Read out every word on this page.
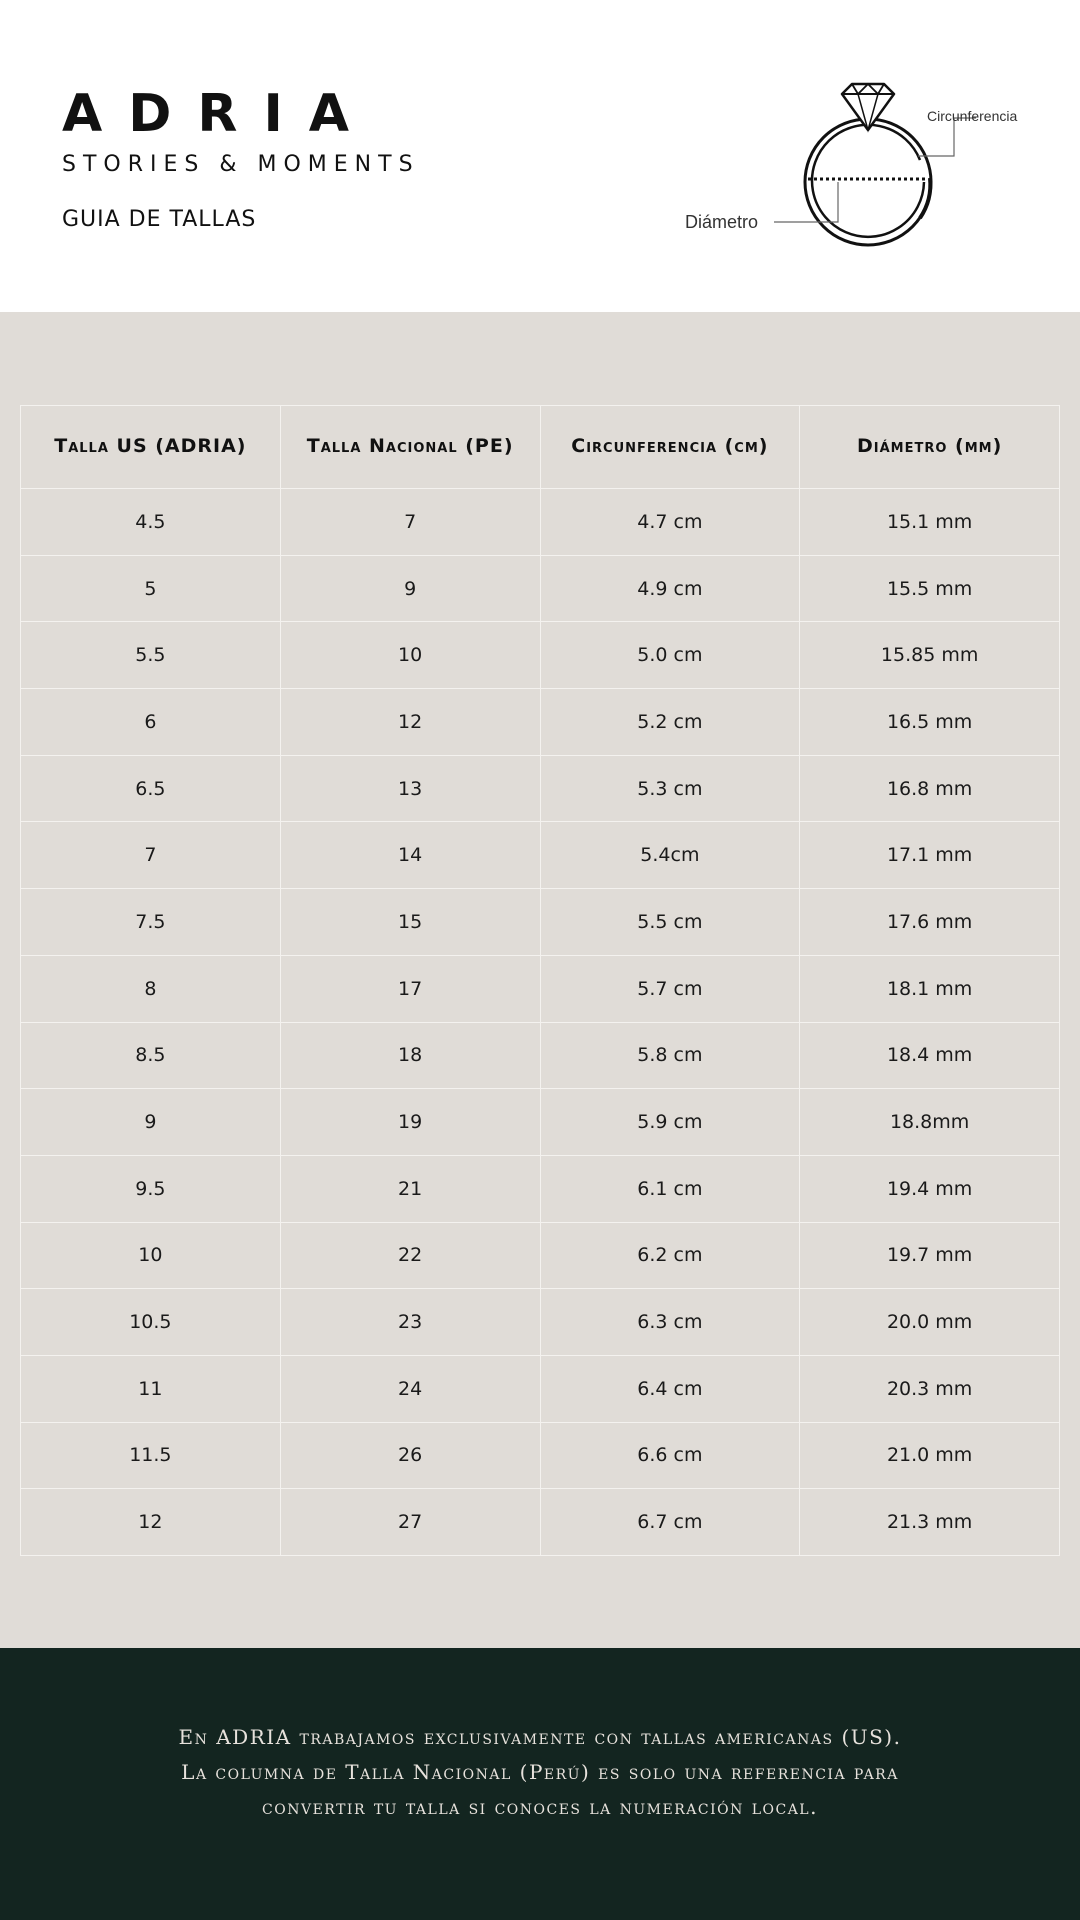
ADRIA
STORIES & MOMENTS
GUIA DE TALLAS
Circunferencia
Diámetro
Talla US (ADRIA)	Talla Nacional (PE)	Circunferencia (cm)	Diámetro (mm)
4.5	7	4.7 cm	15.1 mm
5	9	4.9 cm	15.5 mm
5.5	10	5.0 cm	15.85 mm
6	12	5.2 cm	16.5 mm
6.5	13	5.3 cm	16.8 mm
7	14	5.4cm	17.1 mm
7.5	15	5.5 cm	17.6 mm
8	17	5.7 cm	18.1 mm
8.5	18	5.8 cm	18.4 mm
9	19	5.9 cm	18.8mm
9.5	21	6.1 cm	19.4 mm
10	22	6.2 cm	19.7 mm
10.5	23	6.3 cm	20.0 mm
11	24	6.4 cm	20.3 mm
11.5	26	6.6 cm	21.0 mm
12	27	6.7 cm	21.3 mm
En ADRIA trabajamos exclusivamente con tallas americanas (US).
La columna de Talla Nacional (Perú) es solo una referencia para
convertir tu talla si conoces la numeración local.
